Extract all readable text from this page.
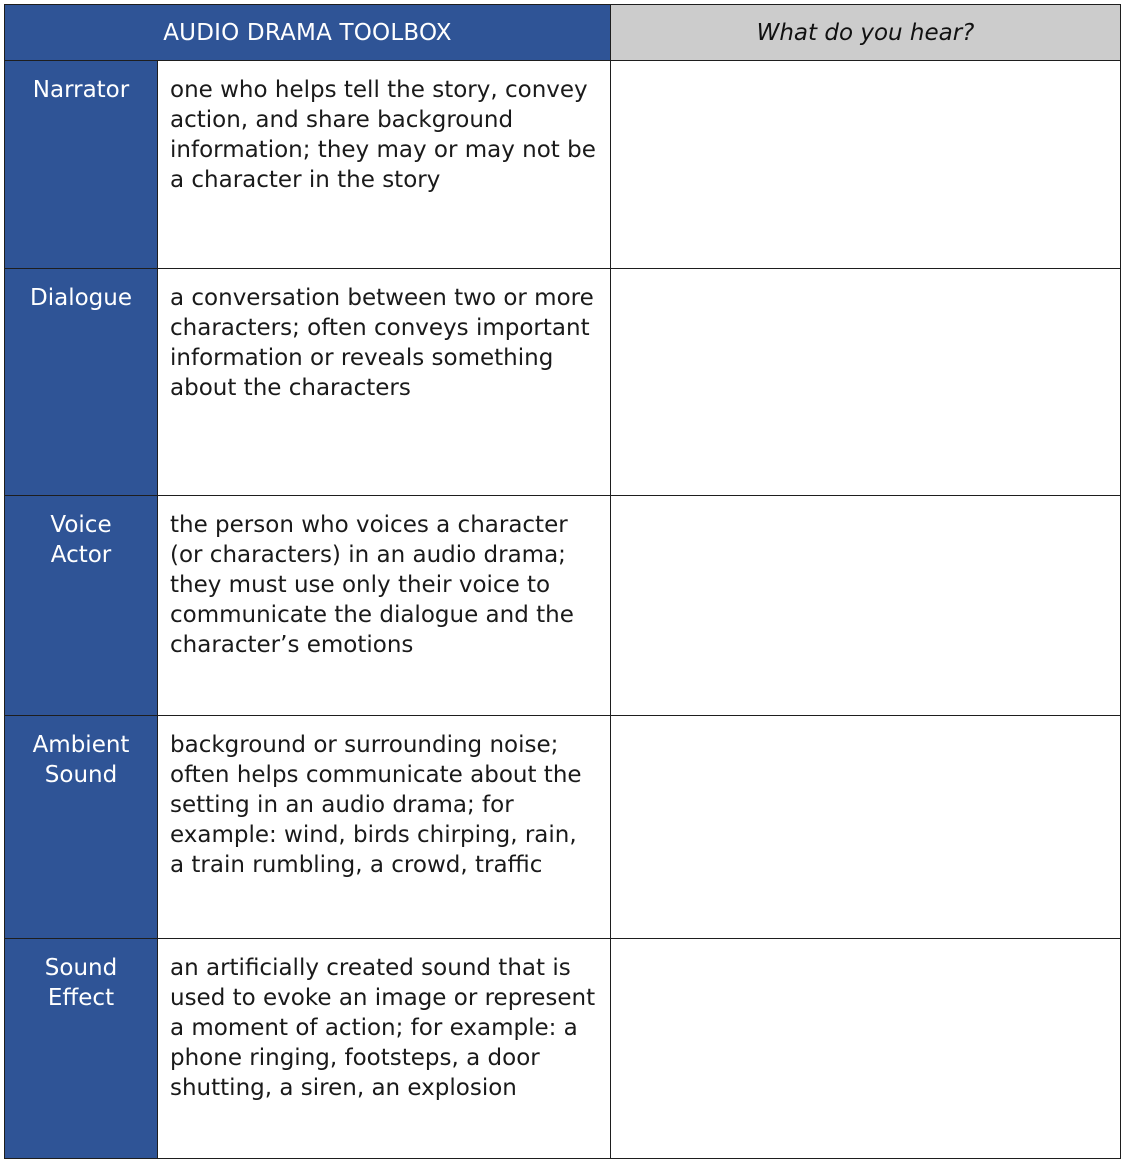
AUDIO DRAMA TOOLBOX		What do you hear?

Narrator	one who helps tell the story, convey action, and share background information; they may or may not be a character in the story	

Dialogue	a conversation between two or more characters; often conveys important information or reveals something about the characters	

Voice
Actor	the person who voices a character (or characters) in an audio drama; they must use only their voice to communicate the dialogue and the character’s emotions	

Ambient
Sound	background or surrounding noise; often helps communicate about the setting in an audio drama; for example: wind, birds chirping, rain, a train rumbling, a crowd, traffic	

Sound
Effect	an artificially created sound that is used to evoke an image or represent a moment of action; for example: a phone ringing, footsteps, a door shutting, a siren, an explosion	
